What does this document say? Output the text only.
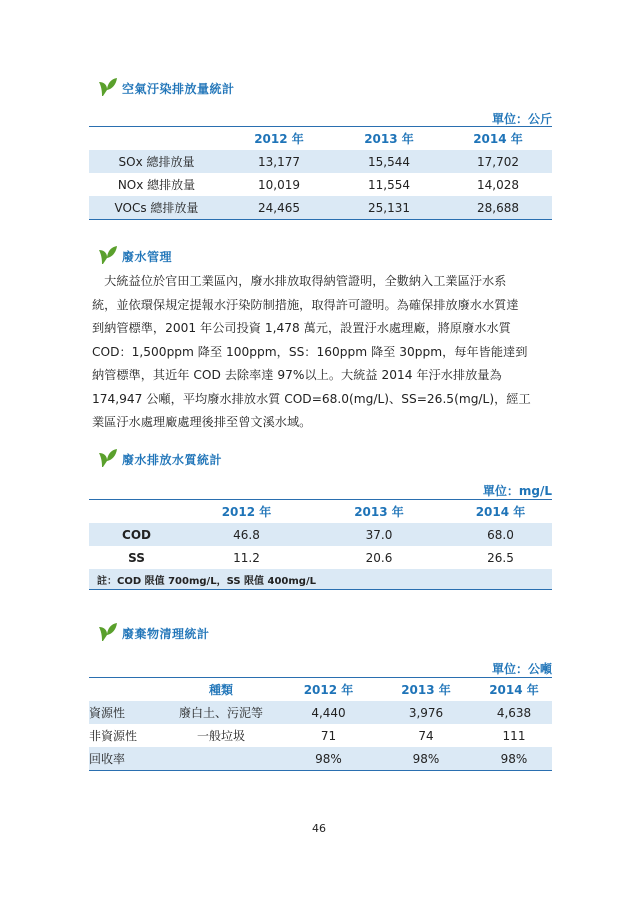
空氣汙染排放量統計
單位：公斤
	2012 年	2013 年	2014 年
SOx 總排放量	13,177	15,544	17,702
NOx 總排放量	10,019	11,554	14,028
VOCs 總排放量	24,465	25,131	28,688
廢水管理

　大統益位於官田工業區內，廢水排放取得納管證明，全數納入工業區汙水系

統，並依環保規定提報水汙染防制措施，取得許可證明。為確保排放廢水水質達

到納管標準，2001 年公司投資 1,478 萬元，設置汙水處理廠，將原廢水水質

COD：1,500ppm 降至 100ppm，SS：160ppm 降至 30ppm，每年皆能達到

納管標準，其近年 COD 去除率達 97%以上。大統益 2014 年汙水排放量為

174,947 公噸，平均廢水排放水質 COD=68.0(mg/L)、SS=26.5(mg/L)，經工

業區汙水處理廠處理後排至曾文溪水域。

廢水排放水質統計
單位：mg/L
	2012 年	2013 年	2014 年
COD	46.8	37.0	68.0
SS	11.2	20.6	26.5
註：COD 限值 700mg/L，SS 限值 400mg/L			
廢棄物清理統計
單位：公噸
	種類	2012 年	2013 年	2014 年
資源性	廢白土、污泥等	4,440	3,976	4,638
非資源性	一般垃圾	71	74	111
回收率		98%	98%	98%
46
